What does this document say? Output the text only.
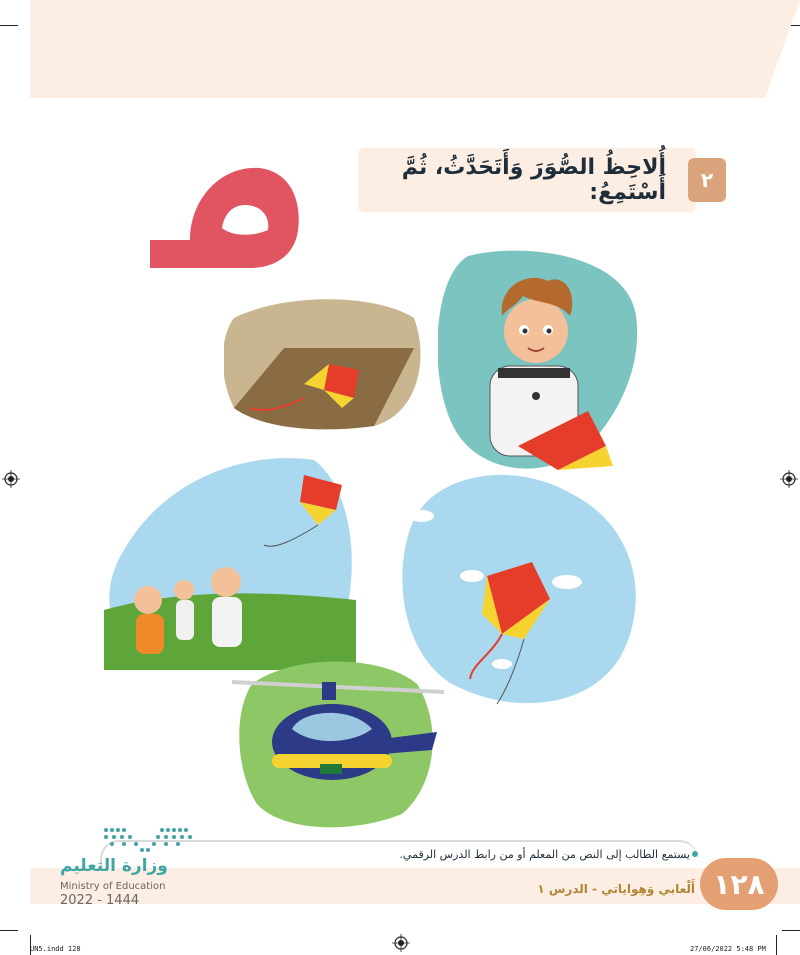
أُلاحِظُ الصُّوَرَ وَأَتَحَدَّثُ، ثُمَّ أَسْتَمِعُ:	٢
يستمع الطالب إلى النص من المعلم أو من رابط الدرس الرقمي.
١٢٨
أَلْعابي وَهِواياتي - الدرس ١
وزارة التعليم
Ministry of Education
2022 - 1444
UN5.indd 128	27/06/2022 5:48 PM
